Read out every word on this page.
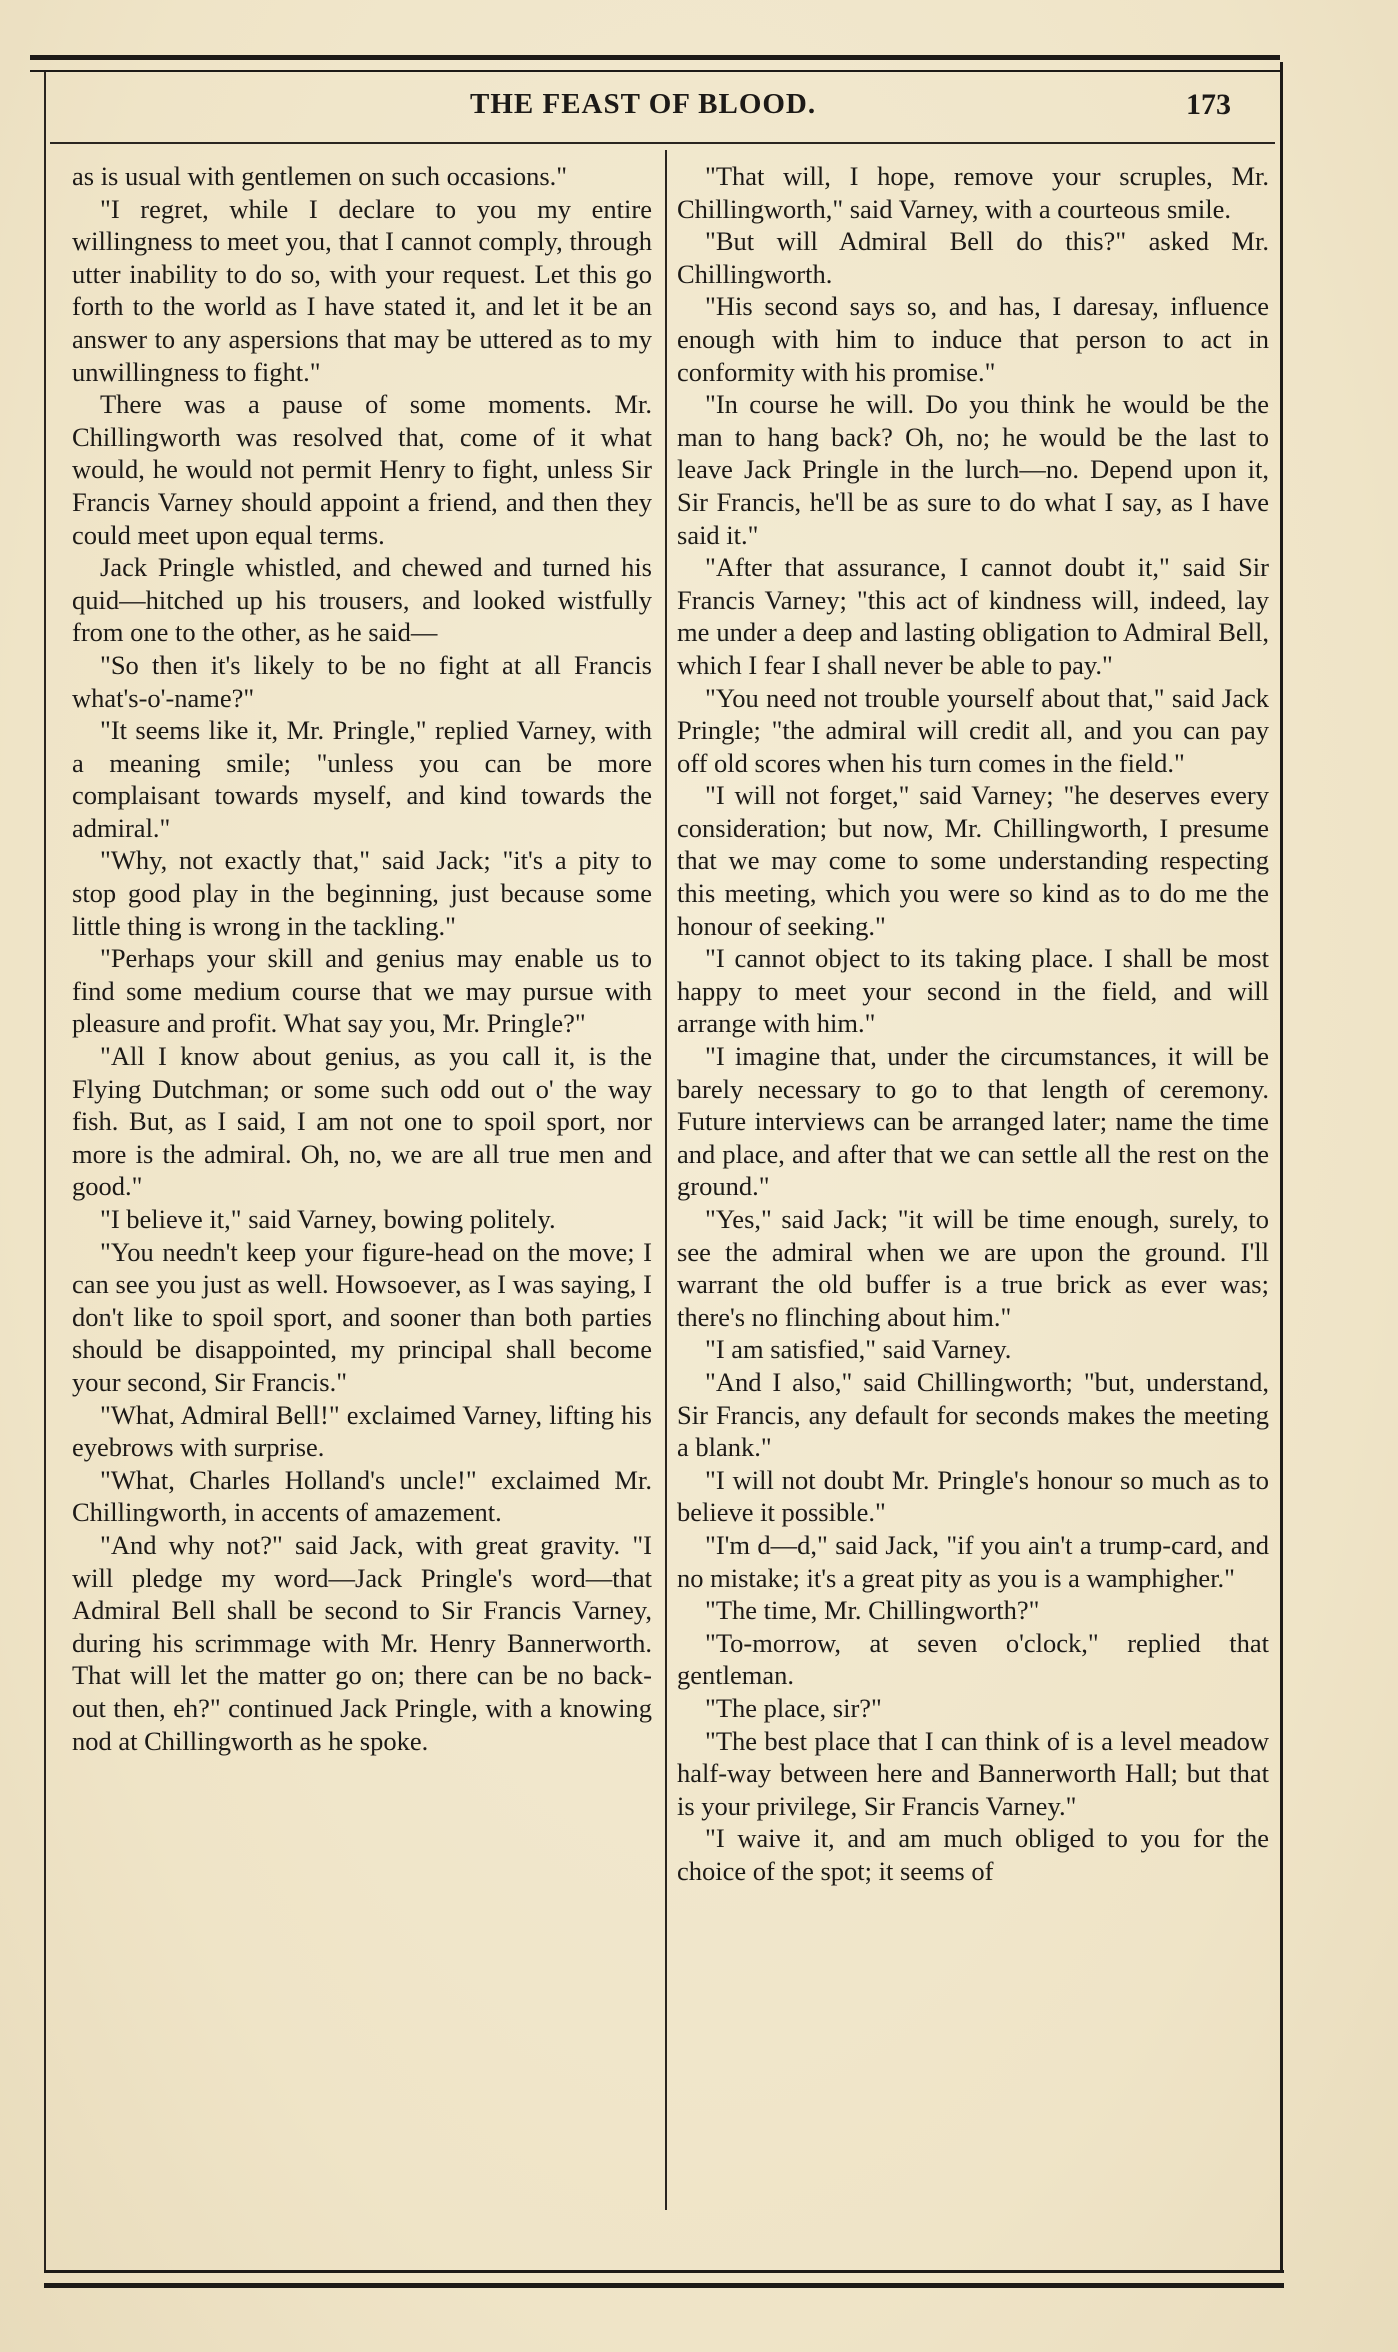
THE FEAST OF BLOOD.	173

as is usual with gentlemen on such occasions."

"I regret, while I declare to you my entire willingness to meet you, that I cannot comply, through utter inability to do so, with your request. Let this go forth to the world as I have stated it, and let it be an answer to any aspersions that may be uttered as to my unwillingness to fight."

There was a pause of some moments. Mr. Chillingworth was resolved that, come of it what would, he would not permit Henry to fight, unless Sir Francis Varney should appoint a friend, and then they could meet upon equal terms.

Jack Pringle whistled, and chewed and turned his quid—hitched up his trousers, and looked wistfully from one to the other, as he said—

"So then it's likely to be no fight at all Francis what's-o'-name?"

"It seems like it, Mr. Pringle," replied Varney, with a meaning smile; "unless you can be more complaisant towards myself, and kind towards the admiral."

"Why, not exactly that," said Jack; "it's a pity to stop good play in the beginning, just because some little thing is wrong in the tackling."

"Perhaps your skill and genius may enable us to find some medium course that we may pursue with pleasure and profit. What say you, Mr. Pringle?"

"All I know about genius, as you call it, is the Flying Dutchman; or some such odd out o' the way fish. But, as I said, I am not one to spoil sport, nor more is the admiral. Oh, no, we are all true men and good."

"I believe it," said Varney, bowing politely.

"You needn't keep your figure-head on the move; I can see you just as well. Howsoever, as I was saying, I don't like to spoil sport, and sooner than both parties should be disappointed, my principal shall become your second, Sir Francis."

"What, Admiral Bell!" exclaimed Varney, lifting his eyebrows with surprise.

"What, Charles Holland's uncle!" exclaimed Mr. Chillingworth, in accents of amazement.

"And why not?" said Jack, with great gravity. "I will pledge my word—Jack Pringle's word—that Admiral Bell shall be second to Sir Francis Varney, during his scrimmage with Mr. Henry Bannerworth. That will let the matter go on; there can be no back-out then, eh?" continued Jack Pringle, with a knowing nod at Chillingworth as he spoke.

"That will, I hope, remove your scruples, Mr. Chillingworth," said Varney, with a courteous smile.

"But will Admiral Bell do this?" asked Mr. Chillingworth.

"His second says so, and has, I daresay, influence enough with him to induce that person to act in conformity with his promise."

"In course he will. Do you think he would be the man to hang back? Oh, no; he would be the last to leave Jack Pringle in the lurch—no. Depend upon it, Sir Francis, he'll be as sure to do what I say, as I have said it."

"After that assurance, I cannot doubt it," said Sir Francis Varney; "this act of kindness will, indeed, lay me under a deep and lasting obligation to Admiral Bell, which I fear I shall never be able to pay."

"You need not trouble yourself about that," said Jack Pringle; "the admiral will credit all, and you can pay off old scores when his turn comes in the field."

"I will not forget," said Varney; "he deserves every consideration; but now, Mr. Chillingworth, I presume that we may come to some understanding respecting this meeting, which you were so kind as to do me the honour of seeking."

"I cannot object to its taking place. I shall be most happy to meet your second in the field, and will arrange with him."

"I imagine that, under the circumstances, it will be barely necessary to go to that length of ceremony. Future interviews can be arranged later; name the time and place, and after that we can settle all the rest on the ground."

"Yes," said Jack; "it will be time enough, surely, to see the admiral when we are upon the ground. I'll warrant the old buffer is a true brick as ever was; there's no flinching about him."

"I am satisfied," said Varney.

"And I also," said Chillingworth; "but, understand, Sir Francis, any default for seconds makes the meeting a blank."

"I will not doubt Mr. Pringle's honour so much as to believe it possible."

"I'm d—d," said Jack, "if you ain't a trump-card, and no mistake; it's a great pity as you is a wamphigher."

"The time, Mr. Chillingworth?"

"To-morrow, at seven o'clock," replied that gentleman.

"The place, sir?"

"The best place that I can think of is a level meadow half-way between here and Bannerworth Hall; but that is your privilege, Sir Francis Varney."

"I waive it, and am much obliged to you for the choice of the spot; it seems of
